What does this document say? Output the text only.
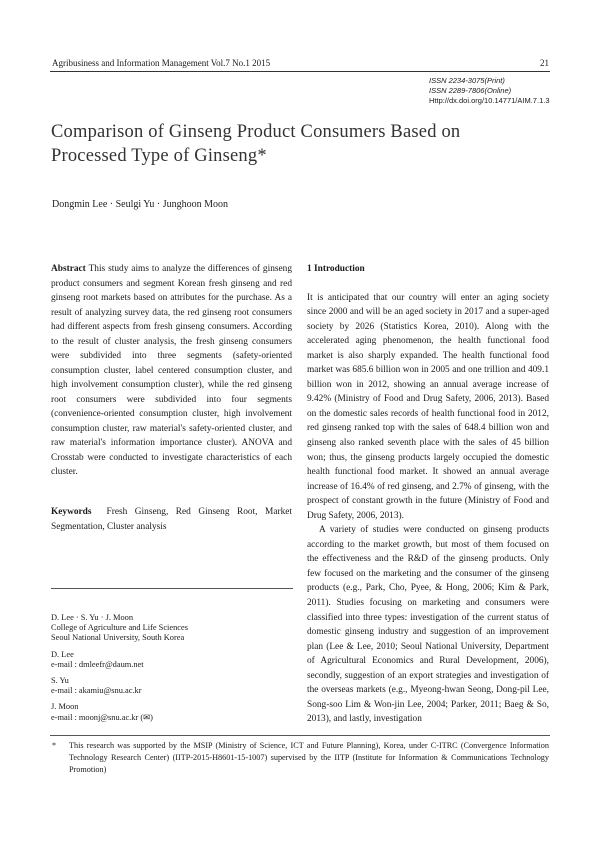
Agribusiness and Information Management Vol.7 No.1 2015	21
ISSN 2234-3075(Print)
ISSN 2289-7806(Online)
Http://dx.doi.org/10.14771/AIM.7.1.3
Comparison of Ginseng Product Consumers Based on
Processed Type of Ginseng*
Dongmin Lee · Seulgi Yu · Junghoon Moon

Abstract This study aims to analyze the differences of ginseng product consumers and segment Korean fresh ginseng and red ginseng root markets based on attributes for the purchase. As a result of analyzing survey data, the red ginseng root consumers had different aspects from fresh ginseng consumers. According to the result of cluster analysis, the fresh ginseng consumers were subdivided into three segments (safety-oriented consumption cluster, label centered consumption cluster, and high involvement consumption cluster), while the red ginseng root consumers were subdivided into four segments (convenience-oriented consumption cluster, high involvement consumption cluster, raw material's safety-oriented cluster, and raw material's information importance cluster). ANOVA and Crosstab were conducted to investigate characteristics of each cluster.

Keywords Fresh Ginseng, Red Ginseng Root, Market Segmentation, Cluster analysis
D. Lee · S. Yu · J. Moon
College of Agriculture and Life Sciences
Seoul National University, South Korea
D. Lee
e-mail : dmleefr@daum.net
S. Yu
e-mail : akamiu@snu.ac.kr
J. Moon
e-mail : moonj@snu.ac.kr (✉)
1 Introduction

It is anticipated that our country will enter an aging society since 2000 and will be an aged society in 2017 and a super-aged society by 2026 (Statistics Korea, 2010). Along with the accelerated aging phenomenon, the health functional food market is also sharply expanded. The health functional food market was 685.6 billion won in 2005 and one trillion and 409.1 billion won in 2012, showing an annual average increase of 9.42% (Ministry of Food and Drug Safety, 2006, 2013). Based on the domestic sales records of health functional food in 2012, red ginseng ranked top with the sales of 648.4 billion won and ginseng also ranked seventh place with the sales of 45 billion won; thus, the ginseng products largely occupied the domestic health functional food market. It showed an annual average increase of 16.4% of red ginseng, and 2.7% of ginseng, with the prospect of constant growth in the future (Ministry of Food and Drug Safety, 2006, 2013).

A variety of studies were conducted on ginseng products according to the market growth, but most of them focused on the effectiveness and the R&D of the ginseng products. Only few focused on the marketing and the consumer of the ginseng products (e.g., Park, Cho, Pyee, & Hong, 2006; Kim & Park, 2011). Studies focusing on marketing and consumers were classified into three types: investigation of the current status of domestic ginseng industry and suggestion of an improvement plan (Lee & Lee, 2010; Seoul National University, Department of Agricultural Economics and Rural Development, 2006), secondly, suggestion of an export strategies and investigation of the overseas markets (e.g., Myeong-hwan Seong, Dong-pil Lee, Song-soo Lim & Won-jin Lee, 2004; Parker, 2011; Baeg & So, 2013), and lastly, investigation

*	This research was supported by the MSIP (Ministry of Science, ICT and Future Planning), Korea, under C-ITRC (Convergence Information Technology Research Center) (IITP-2015-H8601-15-1007) supervised by the IITP (Institute for Information & Communications Technology Promotion)
